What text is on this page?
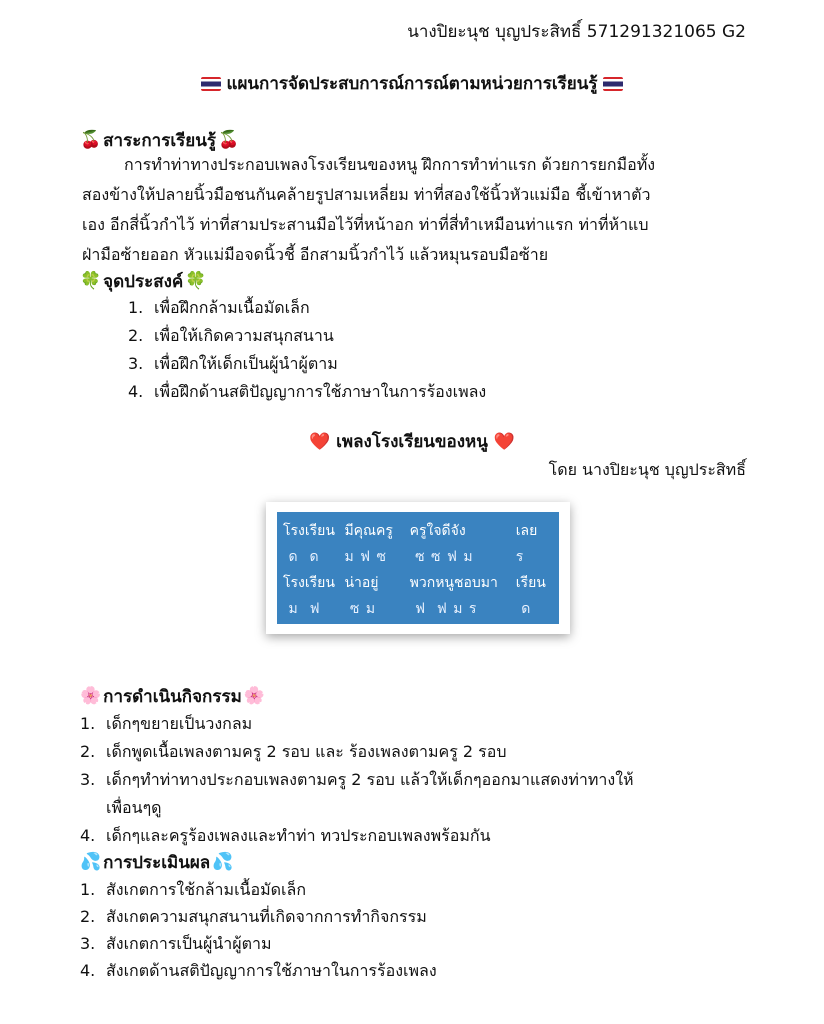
นางปิยะนุช บุญประสิทธิ์ 571291321065 G2
แผนการจัดประสบการณ์การณ์ตามหน่วยการเรียนรู้
🍒 สาระการเรียนรู้ 🍒
การทำท่าทางประกอบเพลงโรงเรียนของหนู ฝึกการทำท่าแรก ด้วยการยกมือทั้ง
สองข้างให้ปลายนิ้วมือชนกันคล้ายรูปสามเหลี่ยม ท่าที่สองใช้นิ้วหัวแม่มือ ชี้เข้าหาตัว
เอง อีกสี่นิ้วกำไว้ ท่าที่สามประสานมือไว้ที่หน้าอก ท่าที่สี่ทำเหมือนท่าแรก ท่าที่ห้าแบ
ฝ่ามือซ้ายออก หัวแม่มือจดนิ้วชี้ อีกสามนิ้วกำไว้ แล้วหมุนรอบมือซ้าย
🍀 จุดประสงค์ 🍀
1. เพื่อฝึกกล้ามเนื้อมัดเล็ก
2. เพื่อให้เกิดความสนุกสนาน
3. เพื่อฝึกให้เด็กเป็นผู้นำผู้ตาม
4. เพื่อฝึกด้านสติปัญญาการใช้ภาษาในการร้องเพลง
❤️ เพลงโรงเรียนของหนู ❤️
โดย นางปิยะนุช บุญประสิทธิ์
โรงเรียน มีคุณครู	ครูใจดีจัง	เลย
ด  ด	ม ฟ ซ	ซ ซ ฟ ม	ร
โรงเรียน น่าอยู่	พวกหนูชอบมา	เรียน
ม  ฟ	ซ ม	ฟ  ฟ ม ร	ด
🌸 การดำเนินกิจกรรม 🌸
1. เด็กๆขยายเป็นวงกลม
2. เด็กพูดเนื้อเพลงตามครู 2 รอบ และ ร้องเพลงตามครู 2 รอบ
3. เด็กๆทำท่าทางประกอบเพลงตามครู 2 รอบ แล้วให้เด็กๆออกมาแสดงท่าทางให้
เพื่อนๆดู
4. เด็กๆและครูร้องเพลงและทำท่า ทวประกอบเพลงพร้อมกัน
💦 การประเมินผล 💦
1. สังเกตการใช้กล้ามเนื้อมัดเล็ก
2. สังเกตความสนุกสนานที่เกิดจากการทำกิจกรรม
3. สังเกตการเป็นผู้นำผู้ตาม
4. สังเกตด้านสติปัญญาการใช้ภาษาในการร้องเพลง
